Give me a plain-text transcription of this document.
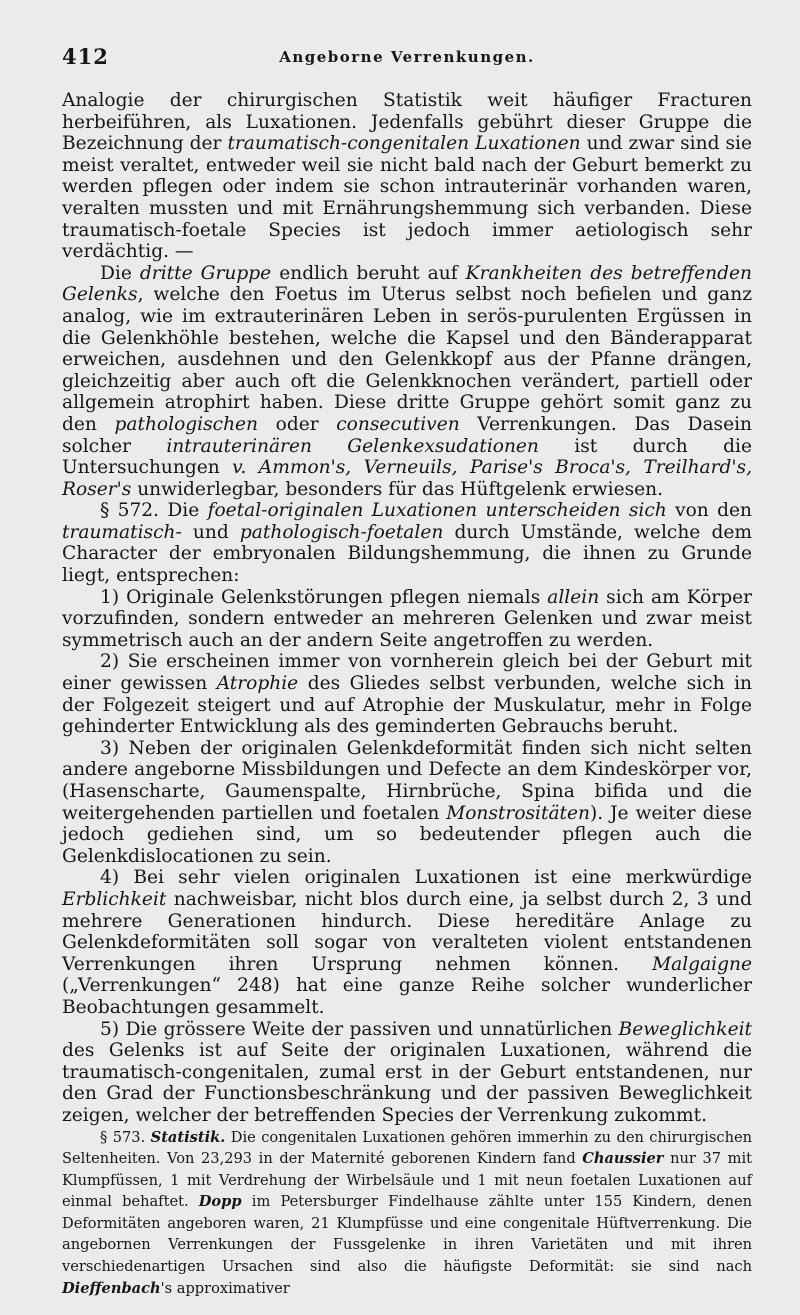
412	Angeborne Verrenkungen.

Analogie der chirurgischen Statistik weit häufiger Fracturen herbeiführen, als Luxationen. Jedenfalls gebührt dieser Gruppe die Bezeichnung der traumatisch-congenitalen Luxationen und zwar sind sie meist veraltet, entweder weil sie nicht bald nach der Geburt bemerkt zu werden pflegen oder indem sie schon intrauterinär vorhanden waren, veralten mussten und mit Ernährungshemmung sich verbanden. Diese traumatisch-foetale Species ist jedoch immer aetiologisch sehr verdächtig. —

Die dritte Gruppe endlich beruht auf Krankheiten des betreffenden Gelenks, welche den Foetus im Uterus selbst noch befielen und ganz analog, wie im extrauterinären Leben in serös-purulenten Ergüssen in die Gelenkhöhle bestehen, welche die Kapsel und den Bänderapparat erweichen, ausdehnen und den Gelenkkopf aus der Pfanne drängen, gleichzeitig aber auch oft die Gelenkknochen verändert, partiell oder allgemein atrophirt haben. Diese dritte Gruppe gehört somit ganz zu den pathologischen oder consecutiven Verrenkungen. Das Dasein solcher intrauterinären Gelenkexsudationen ist durch die Untersuchungen v. Ammon's, Verneuils, Parise's Broca's, Treilhard's, Roser's unwiderlegbar, besonders für das Hüftgelenk erwiesen.

§ 572. Die foetal-originalen Luxationen unterscheiden sich von den traumatisch- und pathologisch-foetalen durch Umstände, welche dem Character der embryonalen Bildungshemmung, die ihnen zu Grunde liegt, entsprechen:

1) Originale Gelenkstörungen pflegen niemals allein sich am Körper vorzufinden, sondern entweder an mehreren Gelenken und zwar meist symmetrisch auch an der andern Seite angetroffen zu werden.

2) Sie erscheinen immer von vornherein gleich bei der Geburt mit einer gewissen Atrophie des Gliedes selbst verbunden, welche sich in der Folgezeit steigert und auf Atrophie der Muskulatur, mehr in Folge gehinderter Entwicklung als des geminderten Gebrauchs beruht.

3) Neben der originalen Gelenkdeformität finden sich nicht selten andere angeborne Missbildungen und Defecte an dem Kindeskörper vor, (Hasenscharte, Gaumenspalte, Hirnbrüche, Spina bifida und die weitergehenden partiellen und foetalen Monstrositäten). Je weiter diese jedoch gediehen sind, um so bedeutender pflegen auch die Gelenkdislocationen zu sein.

4) Bei sehr vielen originalen Luxationen ist eine merkwürdige Erblichkeit nachweisbar, nicht blos durch eine, ja selbst durch 2, 3 und mehrere Generationen hindurch. Diese hereditäre Anlage zu Gelenkdeformitäten soll sogar von veralteten violent entstandenen Verrenkungen ihren Ursprung nehmen können. Malgaigne („Verrenkungen“ 248) hat eine ganze Reihe solcher wunderlicher Beobachtungen gesammelt.

5) Die grössere Weite der passiven und unnatürlichen Beweglichkeit des Gelenks ist auf Seite der originalen Luxationen, während die traumatisch-congenitalen, zumal erst in der Geburt entstandenen, nur den Grad der Functionsbeschränkung und der passiven Beweglichkeit zeigen, welcher der betreffenden Species der Verrenkung zukommt.

§ 573. Statistik. Die congenitalen Luxationen gehören immerhin zu den chirurgischen Seltenheiten. Von 23,293 in der Maternité geborenen Kindern fand Chaussier nur 37 mit Klumpfüssen, 1 mit Verdrehung der Wirbelsäule und 1 mit neun foetalen Luxationen auf einmal behaftet. Dopp im Petersburger Findelhause zählte unter 155 Kindern, denen Deformitäten angeboren waren, 21 Klumpfüsse und eine congenitale Hüftverrenkung. Die angebornen Verrenkungen der Fussgelenke in ihren Varietäten und mit ihren verschiedenartigen Ursachen sind also die häufigste Deformität: sie sind nach Dieffenbach's approximativer
